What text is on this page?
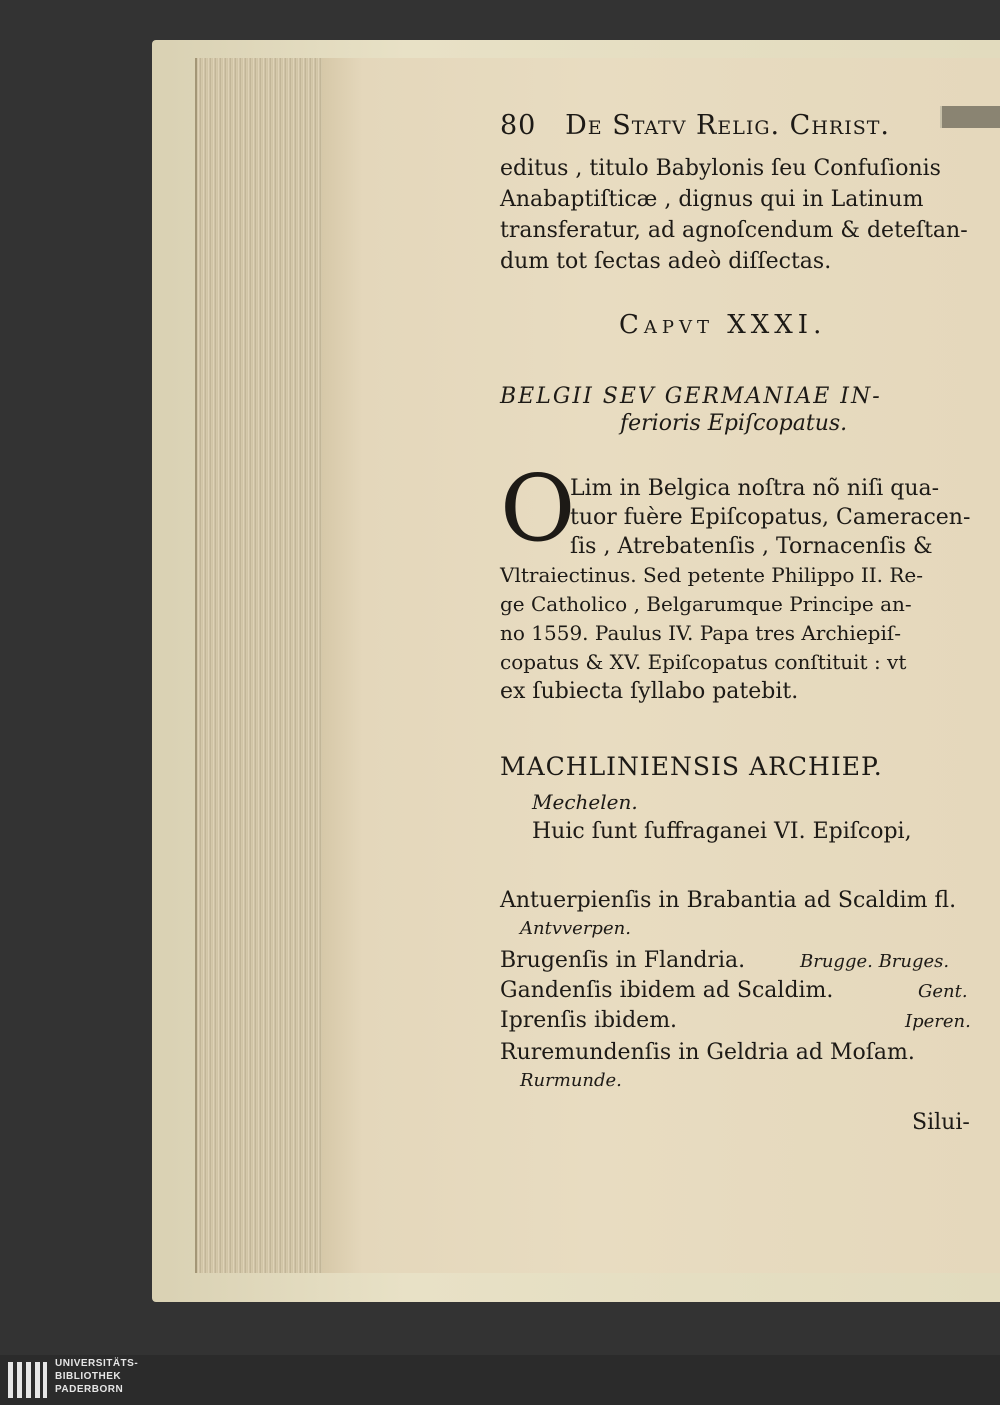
80 De Statv Relig. Christ.
editus , titulo Babylonis ſeu Confuſionis
Anabaptiſticæ , dignus qui in Latinum
transferatur, ad agnoſcendum & deteſtan-
dum tot ſectas adeò diſſectas.
Capvt XXXI.
BELGII SEV GERMANIAE IN-
ferioris Epiſcopatus.
O
Lim in Belgica noſtra nõ niſi qua-
tuor fuère Epiſcopatus, Cameracen-
ſis , Atrebatenſis , Tornacenſis &
Vltraiectinus. Sed petente Philippo II. Re-
ge Catholico , Belgarumque Principe an-
no 1559. Paulus IV. Papa tres Archiepiſ-
copatus & XV. Epiſcopatus conſtituit : vt
ex ſubiecta ſyllabo patebit.
MACHLINIENSIS ARCHIEP.
Mechelen.
Huic ſunt ſuffraganei VI. Epiſcopi,
Antuerpienſis in Brabantia ad Scaldim fl.
Antvverpen.
Brugenſis in Flandria.	Brugge. Bruges.
Gandenſis ibidem ad Scaldim.	Gent.
Iprenſis ibidem.	Iperen.
Ruremundenſis in Geldria ad Moſam.
Rurmunde.
Silui-
UNIVERSITÄTS-
BIBLIOTHEK
PADERBORN
